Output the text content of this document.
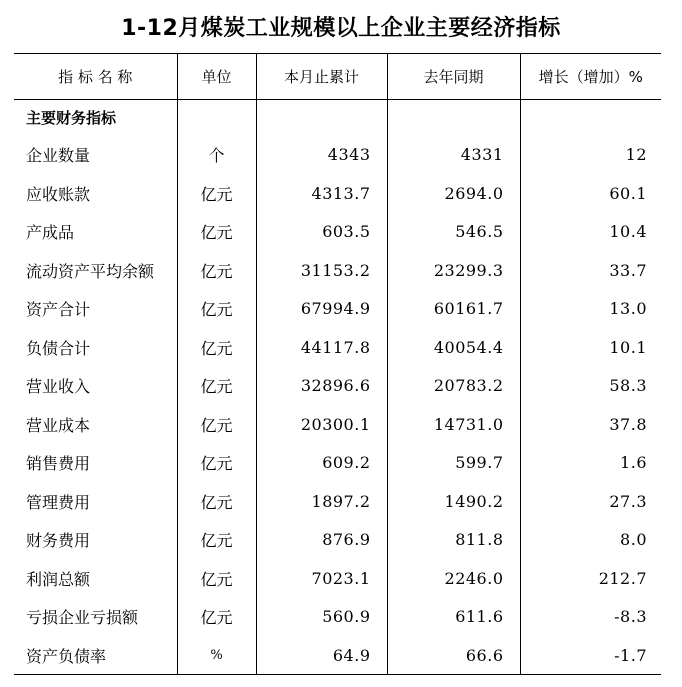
1-12月煤炭工业规模以上企业主要经济指标
指 标 名 称	单位	本月止累计	去年同期	增长（增加）%
主要财务指标				
企业数量	个	4343	4331	12
应收账款	亿元	4313.7	2694.0	60.1
产成品	亿元	603.5	546.5	10.4
流动资产平均余额	亿元	31153.2	23299.3	33.7
资产合计	亿元	67994.9	60161.7	13.0
负债合计	亿元	44117.8	40054.4	10.1
营业收入	亿元	32896.6	20783.2	58.3
营业成本	亿元	20300.1	14731.0	37.8
销售费用	亿元	609.2	599.7	1.6
管理费用	亿元	1897.2	1490.2	27.3
财务费用	亿元	876.9	811.8	8.0
利润总额	亿元	7023.1	2246.0	212.7
亏损企业亏损额	亿元	560.9	611.6	-8.3
资产负债率	%	64.9	66.6	-1.7
